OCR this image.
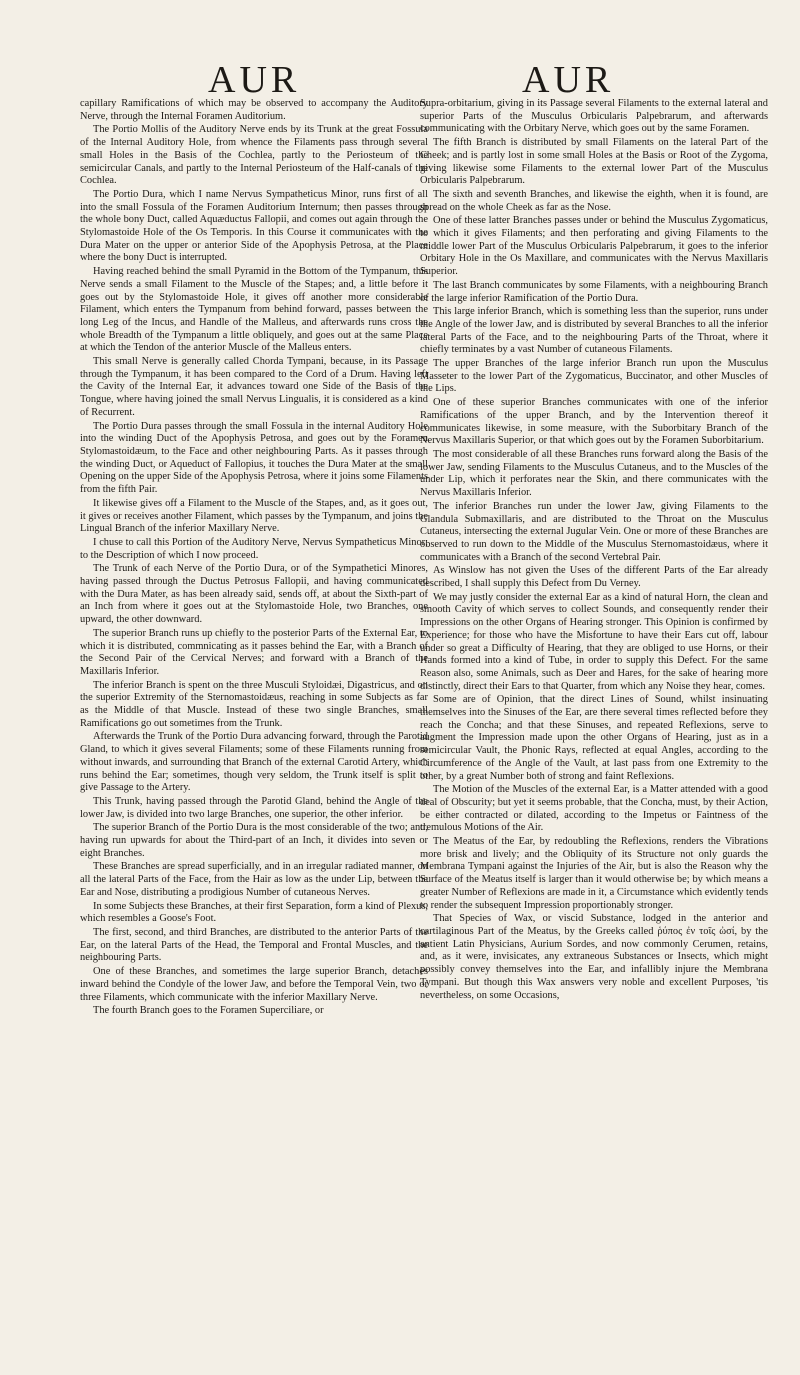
AUR	AUR

capillary Ramifications of which may be observed to accompany the Auditory Nerve, through the Internal Foramen Auditorium.

The Portio Mollis of the Auditory Nerve ends by its Trunk at the great Fossula of the Internal Auditory Hole, from whence the Filaments pass through several small Holes in the Basis of the Cochlea, partly to the Periosteum of the semicircular Canals, and partly to the Internal Periosteum of the Half-canals of the Cochlea.

The Portio Dura, which I name Nervus Sympatheticus Minor, runs first of all into the small Fossula of the Foramen Auditorium Internum; then passes through the whole bony Duct, called Aquæductus Fallopii, and comes out again through the Stylomastoide Hole of the Os Temporis. In this Course it communicates with the Dura Mater on the upper or anterior Side of the Apophysis Petrosa, at the Place where the bony Duct is interrupted.

Having reached behind the small Pyramid in the Bottom of the Tympanum, this Nerve sends a small Filament to the Muscle of the Stapes; and, a little before it goes out by the Stylomastoide Hole, it gives off another more considerable Filament, which enters the Tympanum from behind forward, passes between the long Leg of the Incus, and Handle of the Malleus, and afterwards runs cross the whole Breadth of the Tympanum a little obliquely, and goes out at the same Place at which the Tendon of the anterior Muscle of the Malleus enters.

This small Nerve is generally called Chorda Tympani, because, in its Passage through the Tympanum, it has been compared to the Cord of a Drum. Having left the Cavity of the Internal Ear, it advances toward one Side of the Basis of the Tongue, where having joined the small Nervus Lingualis, it is considered as a kind of Recurrent.

The Portio Dura passes through the small Fossula in the internal Auditory Hole into the winding Duct of the Apophysis Petrosa, and goes out by the Foramen Stylomastoidæum, to the Face and other neighbouring Parts. As it passes through the winding Duct, or Aqueduct of Fallopius, it touches the Dura Mater at the small Opening on the upper Side of the Apophysis Petrosa, where it joins some Filaments from the fifth Pair.

It likewise gives off a Filament to the Muscle of the Stapes, and, as it goes out, it gives or receives another Filament, which passes by the Tympanum, and joins the Lingual Branch of the inferior Maxillary Nerve.

I chuse to call this Portion of the Auditory Nerve, Nervus Sympatheticus Minor; to the Description of which I now proceed.

The Trunk of each Nerve of the Portio Dura, or of the Sympathetici Minores, having passed through the Ductus Petrosus Fallopii, and having communicated with the Dura Mater, as has been already said, sends off, at about the Sixth-part of an Inch from where it goes out at the Stylomastoide Hole, two Branches, one upward, the other downward.

The superior Branch runs up chiefly to the posterior Parts of the External Ear, to which it is distributed, commnicating as it passes behind the Ear, with a Branch of the Second Pair of the Cervical Nerves; and forward with a Branch of the Maxillaris Inferior.

The inferior Branch is spent on the three Musculi Styloidæi, Digastricus, and on the superior Extremity of the Sternomastoidæus, reaching in some Subjects as far as the Middle of that Muscle. Instead of these two single Branches, small Ramifications go out sometimes from the Trunk.

Afterwards the Trunk of the Portio Dura advancing forward, through the Parotid Gland, to which it gives several Filaments; some of these Filaments running from without inwards, and surrounding that Branch of the external Carotid Artery, which runs behind the Ear; sometimes, though very seldom, the Trunk itself is split to give Passage to the Artery.

This Trunk, having passed through the Parotid Gland, behind the Angle of the lower Jaw, is divided into two large Branches, one superior, the other inferior.

The superior Branch of the Portio Dura is the most considerable of the two; and, having run upwards for about the Third-part of an Inch, it divides into seven or eight Branches.

These Branches are spread superficially, and in an irregular radiated manner, on all the lateral Parts of the Face, from the Hair as low as the under Lip, between the Ear and Nose, distributing a prodigious Number of cutaneous Nerves.

In some Subjects these Branches, at their first Separation, form a kind of Plexus, which resembles a Goose's Foot.

The first, second, and third Branches, are distributed to the anterior Parts of the Ear, on the lateral Parts of the Head, the Temporal and Frontal Muscles, and the neighbouring Parts.

One of these Branches, and sometimes the large superior Branch, detaches inward behind the Condyle of the lower Jaw, and before the Temporal Vein, two or three Filaments, which communicate with the inferior Maxillary Nerve.

The fourth Branch goes to the Foramen Superciliare, or

Supra-orbitarium, giving in its Passage several Filaments to the external lateral and superior Parts of the Musculus Orbicularis Palpebrarum, and afterwards communicating with the Orbitary Nerve, which goes out by the same Foramen.

The fifth Branch is distributed by small Filaments on the lateral Part of the Cheek; and is partly lost in some small Holes at the Basis or Root of the Zygoma, giving likewise some Filaments to the external lower Part of the Musculus Orbicularis Palpebrarum.

The sixth and seventh Branches, and likewise the eighth, when it is found, are spread on the whole Cheek as far as the Nose.

One of these latter Branches passes under or behind the Musculus Zygomaticus, to which it gives Filaments; and then perforating and giving Filaments to the middle lower Part of the Musculus Orbicularis Palpebrarum, it goes to the inferior Orbitary Hole in the Os Maxillare, and communicates with the Nervus Maxillaris Superior.

The last Branch communicates by some Filaments, with a neighbouring Branch of the large inferior Ramification of the Portio Dura.

This large inferior Branch, which is something less than the superior, runs under the Angle of the lower Jaw, and is distributed by several Branches to all the inferior lateral Parts of the Face, and to the neighbouring Parts of the Throat, where it chiefly terminates by a vast Number of cutaneous Filaments.

The upper Branches of the large inferior Branch run upon the Musculus Masseter to the lower Part of the Zygomaticus, Buccinator, and other Muscles of the Lips.

One of these superior Branches communicates with one of the inferior Ramifications of the upper Branch, and by the Intervention thereof it communicates likewise, in some measure, with the Suborbitary Branch of the Nervus Maxillaris Superior, or that which goes out by the Foramen Suborbitarium.

The most considerable of all these Branches runs forward along the Basis of the lower Jaw, sending Filaments to the Musculus Cutaneus, and to the Muscles of the under Lip, which it perforates near the Skin, and there communicates with the Nervus Maxillaris Inferior.

The inferior Branches run under the lower Jaw, giving Filaments to the Glandula Submaxillaris, and are distributed to the Throat on the Musculus Cutaneus, intersecting the external Jugular Vein. One or more of these Branches are observed to run down to the Middle of the Musculus Sternomastoidæus, where it communicates with a Branch of the second Vertebral Pair.

As Winslow has not given the Uses of the different Parts of the Ear already described, I shall supply this Defect from Du Verney.

We may justly consider the external Ear as a kind of natural Horn, the clean and smooth Cavity of which serves to collect Sounds, and consequently render their Impressions on the other Organs of Hearing stronger. This Opinion is confirmed by Experience; for those who have the Misfortune to have their Ears cut off, labour under so great a Difficulty of Hearing, that they are obliged to use Horns, or their Hands formed into a kind of Tube, in order to supply this Defect. For the same Reason also, some Animals, such as Deer and Hares, for the sake of hearing more distinctly, direct their Ears to that Quarter, from which any Noise they hear, comes.

Some are of Opinion, that the direct Lines of Sound, whilst insinuating themselves into the Sinuses of the Ear, are there several times reflected before they reach the Concha; and that these Sinuses, and repeated Reflexions, serve to augment the Impression made upon the other Organs of Hearing, just as in a semicircular Vault, the Phonic Rays, reflected at equal Angles, according to the Circumference of the Angle of the Vault, at last pass from one Extremity to the other, by a great Number both of strong and faint Reflexions.

The Motion of the Muscles of the external Ear, is a Matter attended with a good deal of Obscurity; but yet it seems probable, that the Concha, must, by their Action, be either contracted or dilated, according to the Impetus or Faintness of the tremulous Motions of the Air.

The Meatus of the Ear, by redoubling the Reflexions, renders the Vibrations more brisk and lively; and the Obliquity of its Structure not only guards the Membrana Tympani against the Injuries of the Air, but is also the Reason why the Surface of the Meatus itself is larger than it would otherwise be; by which means a greater Number of Reflexions are made in it, a Circumstance which evidently tends to render the subsequent Impression proportionably stronger.

That Species of Wax, or viscid Substance, lodged in the anterior and cartilaginous Part of the Meatus, by the Greeks called ῥύπος ἐν τοῖς ὠσί, by the antient Latin Physicians, Aurium Sordes, and now commonly Cerumen, retains, and, as it were, invisicates, any extraneous Substances or Insects, which might possibly convey themselves into the Ear, and infallibly injure the Membrana Tympani. But though this Wax answers very noble and excellent Purposes, 'tis nevertheless, on some Occasions,
